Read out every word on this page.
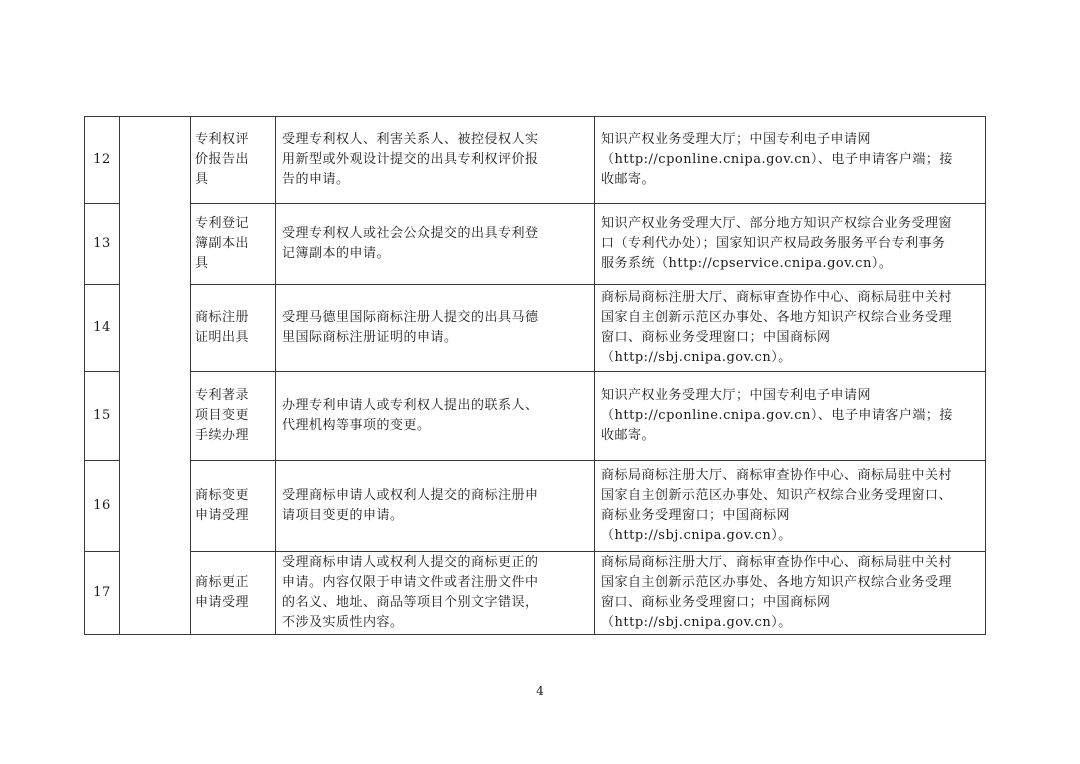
12		专利权评
价报告出
具	受理专利权人、利害关系人、被控侵权人实
用新型或外观设计提交的出具专利权评价报
告的申请。	知识产权业务受理大厅；中国专利电子申请网
（http://cponline.cnipa.gov.cn）、电子申请客户端；接
收邮寄。

13		专利登记
簿副本出
具	受理专利权人或社会公众提交的出具专利登
记簿副本的申请。	知识产权业务受理大厅、部分地方知识产权综合业务受理窗
口（专利代办处）；国家知识产权局政务服务平台专利事务
服务系统（http://cpservice.cnipa.gov.cn）。

14		商标注册
证明出具	受理马德里国际商标注册人提交的出具马德
里国际商标注册证明的申请。	商标局商标注册大厅、商标审查协作中心、商标局驻中关村
国家自主创新示范区办事处、各地方知识产权综合业务受理
窗口、商标业务受理窗口；中国商标网
（http://sbj.cnipa.gov.cn）。

15		专利著录
项目变更
手续办理	办理专利申请人或专利权人提出的联系人、
代理机构等事项的变更。	知识产权业务受理大厅；中国专利电子申请网
（http://cponline.cnipa.gov.cn）、电子申请客户端；接
收邮寄。

16		商标变更
申请受理	受理商标申请人或权利人提交的商标注册申
请项目变更的申请。	商标局商标注册大厅、商标审查协作中心、商标局驻中关村
国家自主创新示范区办事处、知识产权综合业务受理窗口、
商标业务受理窗口；中国商标网
（http://sbj.cnipa.gov.cn）。

17		商标更正
申请受理	受理商标申请人或权利人提交的商标更正的
申请。内容仅限于申请文件或者注册文件中
的名义、地址、商品等项目个别文字错误，
不涉及实质性内容。	商标局商标注册大厅、商标审查协作中心、商标局驻中关村
国家自主创新示范区办事处、各地方知识产权综合业务受理
窗口、商标业务受理窗口；中国商标网
（http://sbj.cnipa.gov.cn）。
4
